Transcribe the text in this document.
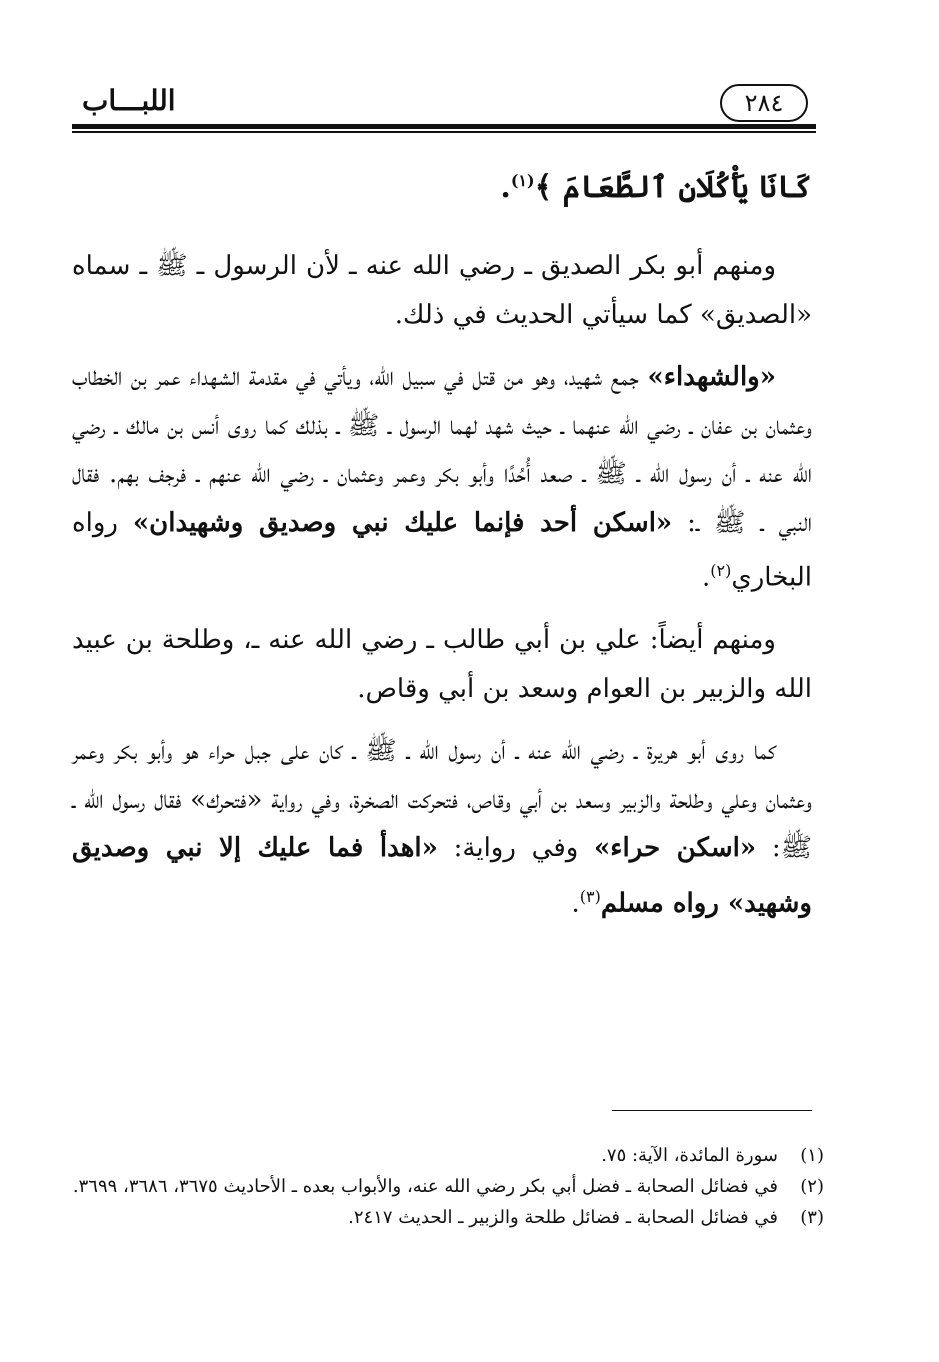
اللبـــاب	٢٨٤
كَانَا يَأْكُلَانِ ٱلطَّعَامَ ﴾$^{(١)}$.

ومنهم أبو بكر الصديق ـ رضي الله عنه ـ لأن الرسول ـ ﷺ ـ سماه «الصديق» كما سيأتي الحديث في ذلك.

«والشهداء» جمع شهيد، وهو من قتل في سبيل الله، ويأتي في مقدمة الشهداء عمر بن الخطاب وعثمان بن عفان ـ رضي الله عنهما ـ حيث شهد لهما الرسول ـ ﷺ ـ بذلك كما روى أنس بن مالك ـ رضي الله عنه ـ أن رسول الله ـ ﷺ ـ صعد أُحُدًا وأبو بكر وعمر وعثمان ـ رضي الله عنهم ـ فرجف بهم. فقال النبي ـ ﷺ ـ: «اسكن أحد فإنما عليك نبي وصديق وشهيدان» رواه البخاري$^{(٢)}$.

ومنهم أيضاً: علي بن أبي طالب ـ رضي الله عنه ـ، وطلحة بن عبيد الله والزبير بن العوام وسعد بن أبي وقاص.

كما روى أبو هريرة ـ رضي الله عنه ـ أن رسول الله ـ ﷺ ـ كان على جبل حراء هو وأبو بكر وعمر وعثمان وعلي وطلحة والزبير وسعد بن أبي وقاص، فتحركت الصخرة، وفي رواية «فتحرك» فقال رسول الله ـ ﷺ: «اسكن حراء» وفي رواية: «اهدأ فما عليك إلا نبي وصديق وشهيد» رواه مسلم$^{(٣)}$.

(١)
سورة المائدة، الآية: ٧٥.
(٢)
في فضائل الصحابة ـ فضل أبي بكر رضي الله عنه، والأبواب بعده ـ الأحاديث ٣٦٧٥، ٣٦٨٦، ٣٦٩٩.
(٣)
في فضائل الصحابة ـ فضائل طلحة والزبير ـ الحديث ٢٤١٧.
